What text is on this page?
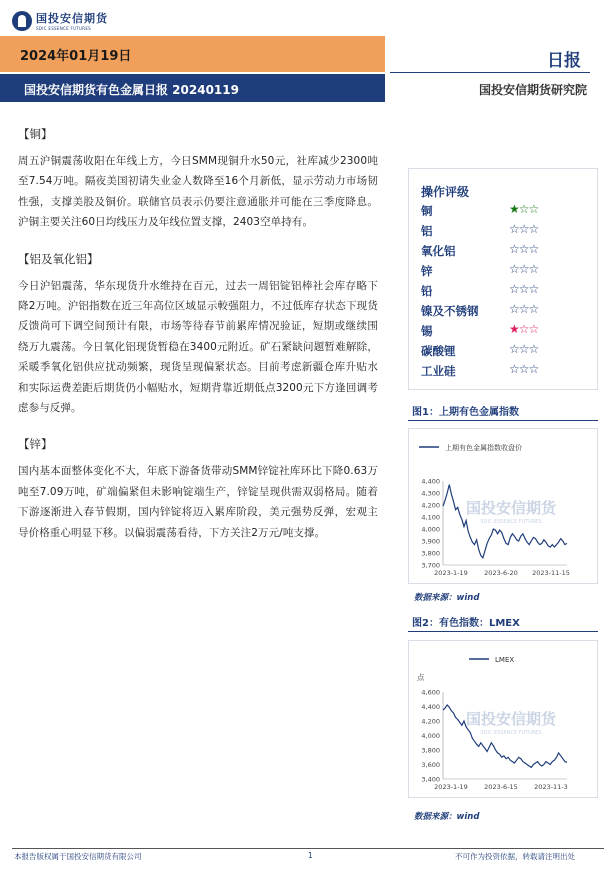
国投安信期货
SDIC ESSENCE FUTURES
2024年01月19日
国投安信期货有色金属日报 20240119
日报
国投安信期货研究院
【铜】
周五沪铜震荡收阳在年线上方，今日SMM现铜升水50元，社库减少2300吨至7.54万吨。隔夜美国初请失业金人数降至16个月新低，显示劳动力市场韧性强，支撑美股及铜价。联储官员表示仍要注意通胀并可能在三季度降息。沪铜主要关注60日均线压力及年线位置支撑，2403空单持有。
【铝及氧化铝】
今日沪铝震荡，华东现货升水维持在百元，过去一周铝锭铝棒社会库存略下降2万吨。沪铝指数在近三年高位区域显示較强阻力，不过低库存状态下现货反馈尚可下调空间预计有限，市场等待春节前累库情况验证，短期或继续围绕万九震荡。今日氧化铝现货暂稳在3400元附近。矿石紧缺问题暂难解除，采暖季氧化铝供应扰动频繁，现货呈现偏紧状态。目前考虑新疆仓库升贴水和实际运费差距后期货仍小幅贴水，短期背靠近期低点3200元下方逢回调考虑参与反弹。
【锌】
国内基本面整体变化不大，年底下游备货带动SMM锌锭社库环比下降0.63万吨至7.09万吨，矿端偏紧但未影响锭端生产，锌锭呈现供需双弱格局。随着下游逐渐进入春节假期，国内锌锭将迈入累库阶段，美元强势反弹，宏观主导价格重心明显下移。以偏弱震荡看待，下方关注2万元/吨支撑。
操作评级
铜	★☆☆
铝	☆☆☆
氧化铝	☆☆☆
锌	☆☆☆
铅	☆☆☆
镍及不锈钢	☆☆☆
锡	★☆☆
碳酸锂	☆☆☆
工业硅	☆☆☆
图1：上期有色金属指数
上期有色金属指数收盘价
国投安信期货
SDIC ESSENCE FUTURES
3,700
3,800
3,900
4,000
4,100
4,200
4,300
4,400
2023-1-19	2023-6-20 2023-11-15
数据来源：wind
图2：有色指数：LMEX
LMEX
点
国投安信期货
SDIC ESSENCE FUTURES
3,400
3,600
3,800
4,000
4,200
4,400
4,600
2023-1-19	2023-6-15	2023-11-3
数据来源：wind
本报告版权属于国投安信期货有限公司	1	不可作为投资依据，转载请注明出处
